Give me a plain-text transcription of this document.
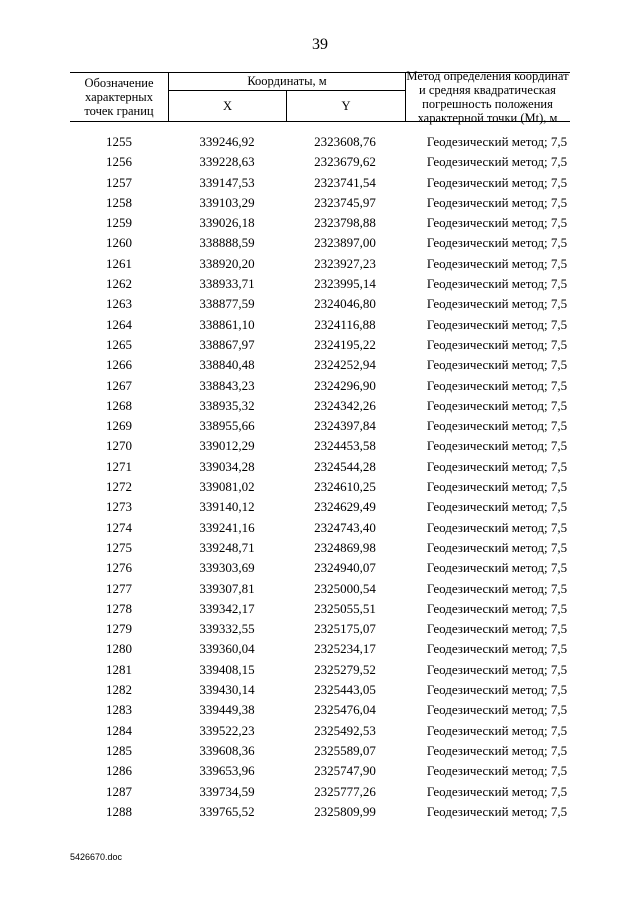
39
Обозначение характерных точек границ
Координаты, м
X	Y
Метод определения координат и средняя квадратическая погрешность положения характерной точки (Mt), м
1255	339246,92	2323608,76	Геодезический метод; 7,5
1256	339228,63	2323679,62	Геодезический метод; 7,5
1257	339147,53	2323741,54	Геодезический метод; 7,5
1258	339103,29	2323745,97	Геодезический метод; 7,5
1259	339026,18	2323798,88	Геодезический метод; 7,5
1260	338888,59	2323897,00	Геодезический метод; 7,5
1261	338920,20	2323927,23	Геодезический метод; 7,5
1262	338933,71	2323995,14	Геодезический метод; 7,5
1263	338877,59	2324046,80	Геодезический метод; 7,5
1264	338861,10	2324116,88	Геодезический метод; 7,5
1265	338867,97	2324195,22	Геодезический метод; 7,5
1266	338840,48	2324252,94	Геодезический метод; 7,5
1267	338843,23	2324296,90	Геодезический метод; 7,5
1268	338935,32	2324342,26	Геодезический метод; 7,5
1269	338955,66	2324397,84	Геодезический метод; 7,5
1270	339012,29	2324453,58	Геодезический метод; 7,5
1271	339034,28	2324544,28	Геодезический метод; 7,5
1272	339081,02	2324610,25	Геодезический метод; 7,5
1273	339140,12	2324629,49	Геодезический метод; 7,5
1274	339241,16	2324743,40	Геодезический метод; 7,5
1275	339248,71	2324869,98	Геодезический метод; 7,5
1276	339303,69	2324940,07	Геодезический метод; 7,5
1277	339307,81	2325000,54	Геодезический метод; 7,5
1278	339342,17	2325055,51	Геодезический метод; 7,5
1279	339332,55	2325175,07	Геодезический метод; 7,5
1280	339360,04	2325234,17	Геодезический метод; 7,5
1281	339408,15	2325279,52	Геодезический метод; 7,5
1282	339430,14	2325443,05	Геодезический метод; 7,5
1283	339449,38	2325476,04	Геодезический метод; 7,5
1284	339522,23	2325492,53	Геодезический метод; 7,5
1285	339608,36	2325589,07	Геодезический метод; 7,5
1286	339653,96	2325747,90	Геодезический метод; 7,5
1287	339734,59	2325777,26	Геодезический метод; 7,5
1288	339765,52	2325809,99	Геодезический метод; 7,5
5426670.doc
